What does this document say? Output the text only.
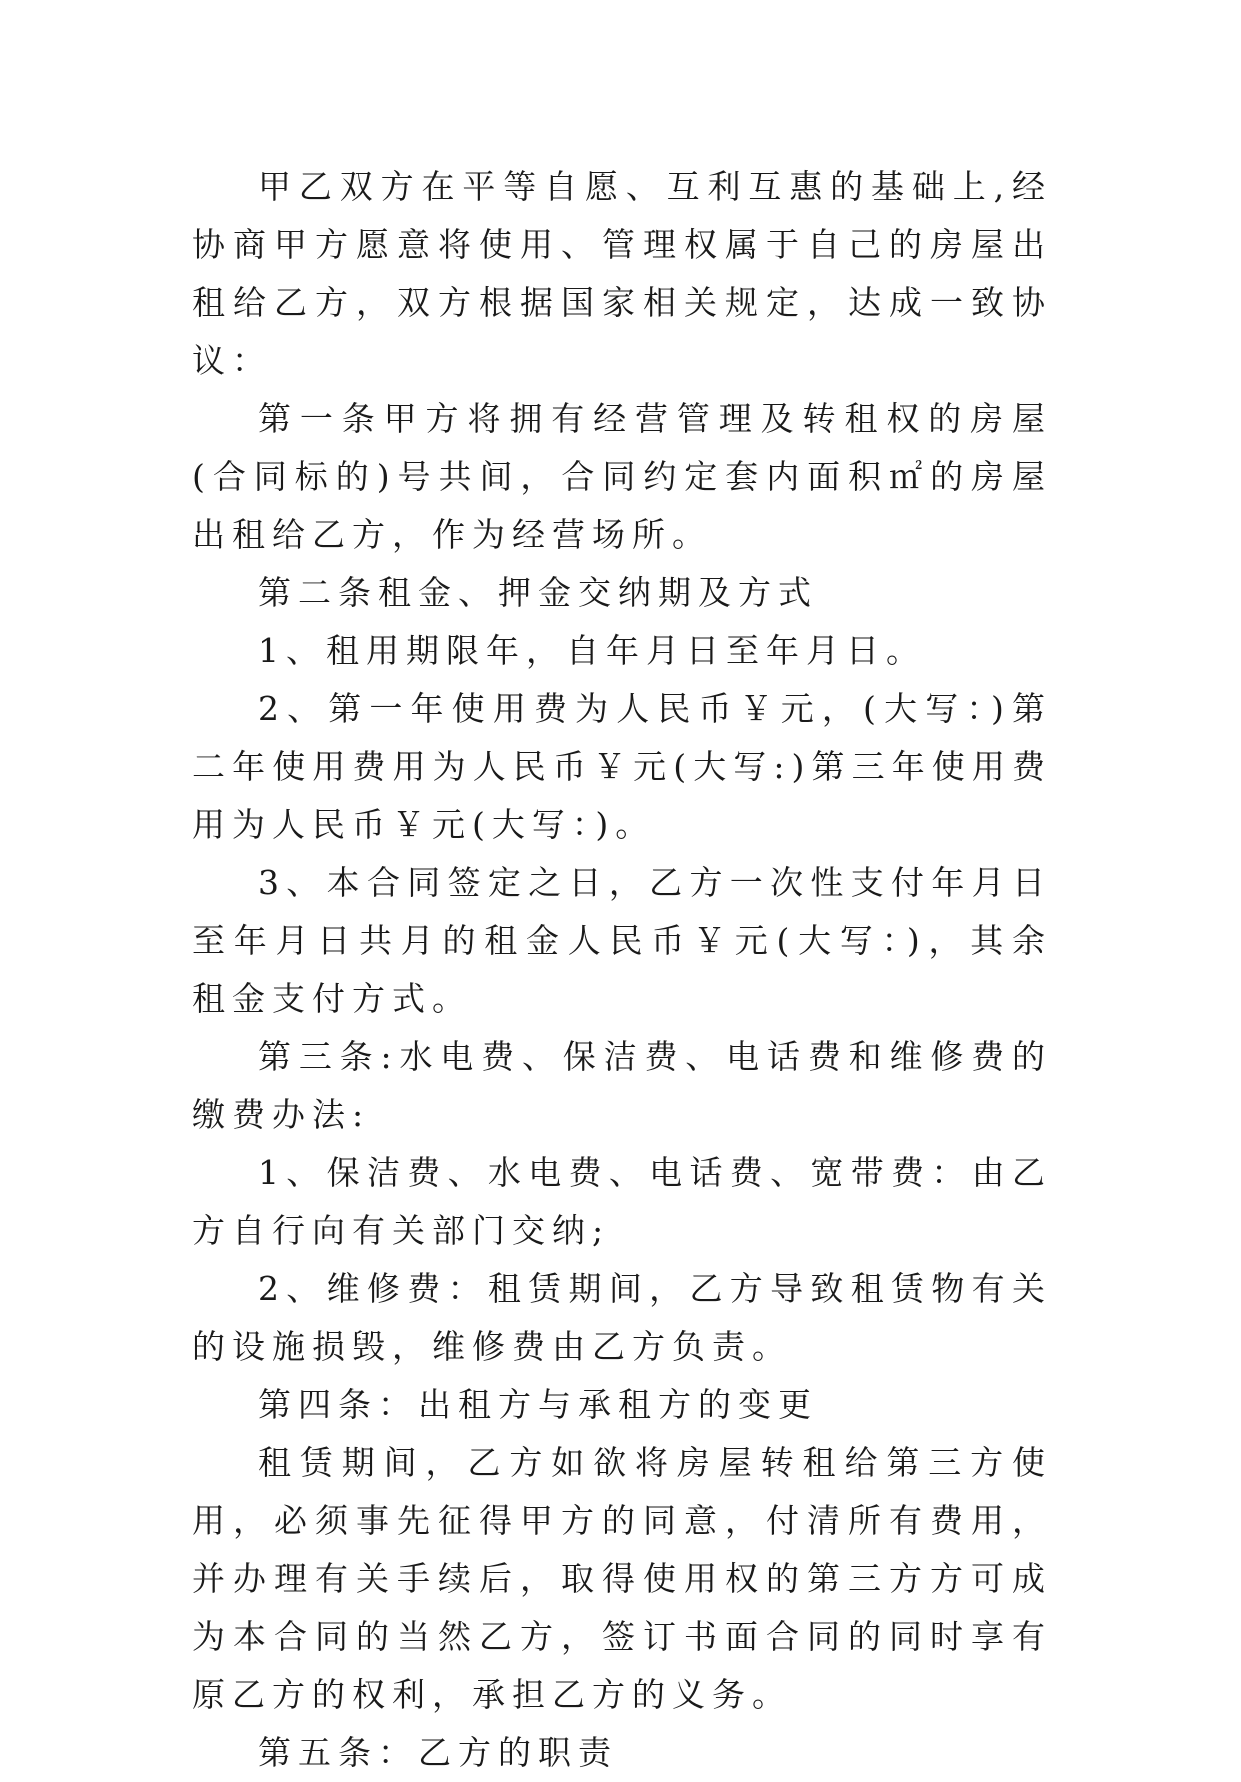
甲乙双方在平等自愿、互利互惠的基础上,经协商甲方愿意将使用、管理权属于自己的房屋出租给乙方，双方根据国家相关规定，达成一致协议：

第一条甲方将拥有经营管理及转租权的房屋(合同标的)号共间，合同约定套内面积㎡的房屋出租给乙方，作为经营场所。

第二条租金、押金交纳期及方式

1、租用期限年，自年月日至年月日。

2、第一年使用费为人民币￥元，(大写：)第二年使用费用为人民币￥元(大写:)第三年使用费用为人民币￥元(大写：)。

3、本合同签定之日，乙方一次性支付年月日至年月日共月的租金人民币￥元(大写：)，其余租金支付方式。

第三条:水电费、保洁费、电话费和维修费的缴费办法:

1、保洁费、水电费、电话费、宽带费：由乙方自行向有关部门交纳;

2、维修费：租赁期间，乙方导致租赁物有关的设施损毁，维修费由乙方负责。

第四条：出租方与承租方的变更

租赁期间，乙方如欲将房屋转租给第三方使用，必须事先征得甲方的同意，付清所有费用，并办理有关手续后，取得使用权的第三方方可成为本合同的当然乙方，签订书面合同的同时享有原乙方的权利，承担乙方的义务。

第五条：乙方的职责
